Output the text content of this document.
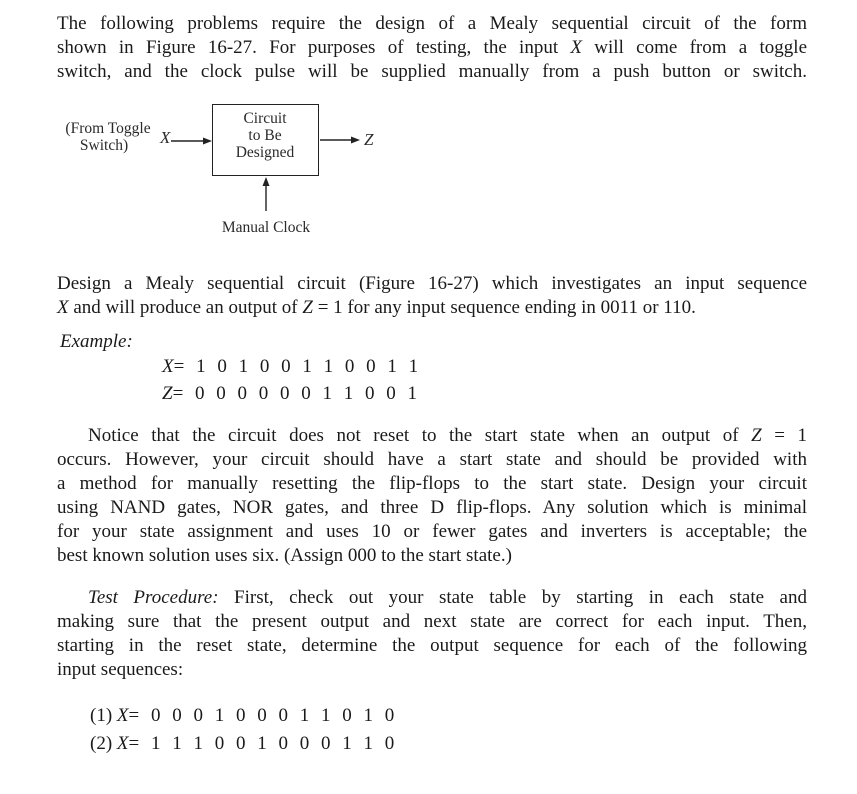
The following problems require the design of a Mealy sequential circuit of the form
shown in Figure 16-27. For purposes of testing, the input X will come from a toggle
switch, and the clock pulse will be supplied manually from a push button or switch.
(From Toggle
Switch)	X
Circuit
to Be
Designed
Z
Manual Clock
Design a Mealy sequential circuit (Figure 16-27) which investigates an input sequence
X and will produce an output of Z = 1 for any input sequence ending in 0011 or 110.
Example:
X= 1 0 1 0 0 1 1 0 0 1 1
Z= 0 0 0 0 0 0 1 1 0 0 1
Notice that the circuit does not reset to the start state when an output of Z = 1
occurs. However, your circuit should have a start state and should be provided with
a method for manually resetting the flip-flops to the start state. Design your circuit
using NAND gates, NOR gates, and three D flip-flops. Any solution which is minimal
for your state assignment and uses 10 or fewer gates and inverters is acceptable; the
best known solution uses six. (Assign 000 to the start state.)
Test Procedure: First, check out your state table by starting in each state and
making sure that the present output and next state are correct for each input. Then,
starting in the reset state, determine the output sequence for each of the following
input sequences:
(1) X= 0 0 0 1 0 0 0 1 1 0 1 0
(2) X= 1 1 1 0 0 1 0 0 0 1 1 0
